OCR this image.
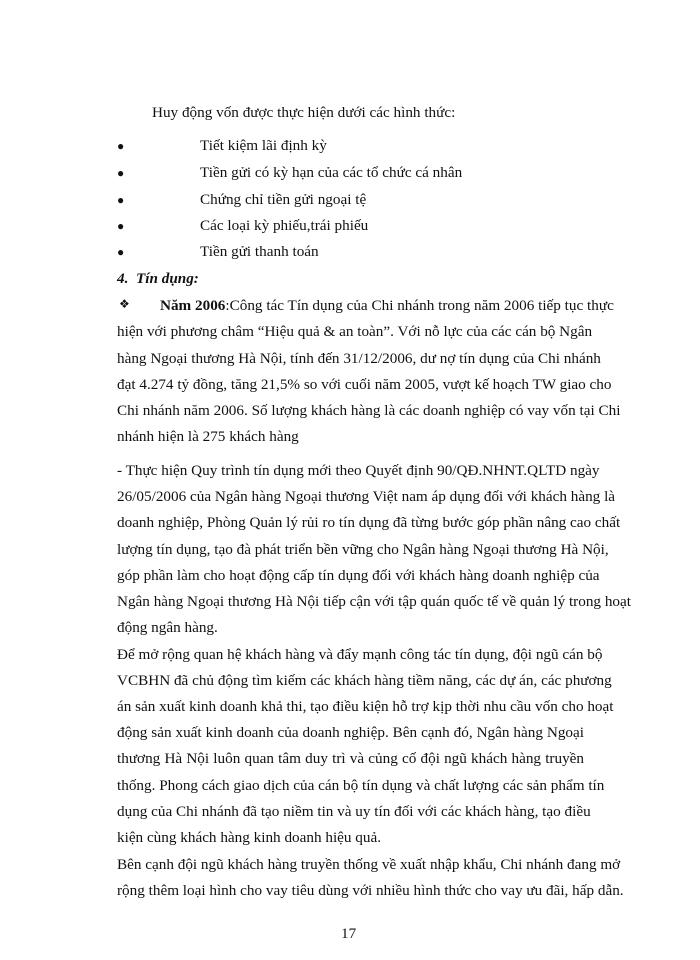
Huy động vốn được thực hiện dưới các hình thức:
●	Tiết kiệm lãi định kỳ
●	Tiền gửi có kỳ hạn của các tổ chức cá nhân
●	Chứng chỉ tiền gửi ngoại tệ
●	Các loại kỳ phiếu,trái phiếu
●	Tiền gửi thanh toán
4. Tín dụng:
❖ Năm 2006:Công tác Tín dụng của Chi nhánh trong năm 2006 tiếp tục thực
hiện với phương châm “Hiệu quả & an toàn”. Với nỗ lực của các cán bộ Ngân
hàng Ngoại thương Hà Nội, tính đến 31/12/2006, dư nợ tín dụng của Chi nhánh
đạt 4.274 tỷ đồng, tăng 21,5% so với cuối năm 2005, vượt kế hoạch TW giao cho
Chi nhánh năm 2006. Số lượng khách hàng là các doanh nghiệp có vay vốn tại Chi
nhánh hiện là 275 khách hàng
- Thực hiện Quy trình tín dụng mới theo Quyết định 90/QĐ.NHNT.QLTD ngày
26/05/2006 của Ngân hàng Ngoại thương Việt nam áp dụng đối với khách hàng là
doanh nghiệp, Phòng Quản lý rủi ro tín dụng đã từng bước góp phần nâng cao chất
lượng tín dụng, tạo đà phát triển bền vững cho Ngân hàng Ngoại thương Hà Nội,
góp phần làm cho hoạt động cấp tín dụng đối với khách hàng doanh nghiệp của
Ngân hàng Ngoại thương Hà Nội tiếp cận với tập quán quốc tế về quản lý trong hoạt
động ngân hàng.
Để mở rộng quan hệ khách hàng và đẩy mạnh công tác tín dụng, đội ngũ cán bộ
VCBHN đã chủ động tìm kiếm các khách hàng tiềm năng, các dự án, các phương
án sản xuất kinh doanh khả thi, tạo điều kiện hỗ trợ kịp thời nhu cầu vốn cho hoạt
động sản xuất kinh doanh của doanh nghiệp. Bên cạnh đó, Ngân hàng Ngoại
thương Hà Nội luôn quan tâm duy trì và củng cố đội ngũ khách hàng truyền
thống. Phong cách giao dịch của cán bộ tín dụng và chất lượng các sản phẩm tín
dụng của Chi nhánh đã tạo niềm tin và uy tín đối với các khách hàng, tạo điều
kiện cùng khách hàng kinh doanh hiệu quả.
Bên cạnh đội ngũ khách hàng truyền thống về xuất nhập khẩu, Chi nhánh đang mở
rộng thêm loại hình cho vay tiêu dùng với nhiều hình thức cho vay ưu đãi, hấp dẫn.
17
